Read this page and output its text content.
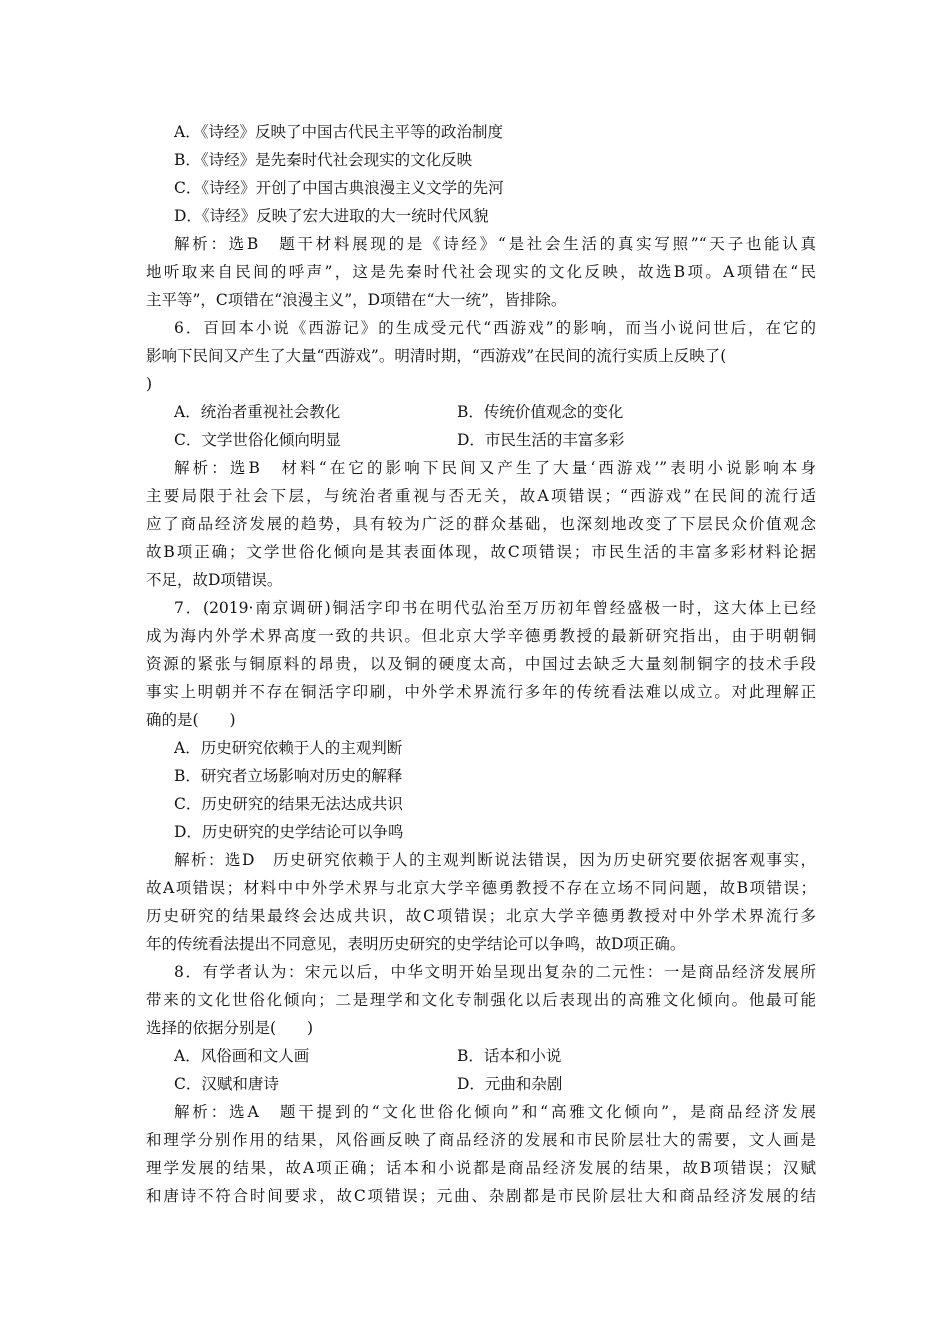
A．《诗经》反映了中国古代民主平等的政治制度
B．《诗经》是先秦时代社会现实的文化反映
C．《诗经》开创了中国古典浪漫主义文学的先河
D．《诗经》反映了宏大进取的大一统时代风貌
解析：选B　题干材料展现的是《诗经》“是社会生活的真实写照”“天子也能认真
地听取来自民间的呼声”，这是先秦时代社会现实的文化反映，故选B项。A项错在“民
主平等”，C项错在“浪漫主义”，D项错在“大一统”，皆排除。
6．百回本小说《西游记》的生成受元代“西游戏”的影响，而当小说问世后，在它的
影响下民间又产生了大量“西游戏”。明清时期，“西游戏”在民间的流行实质上反映了(
)
A．统治者重视社会教化	B．传统价值观念的变化
C．文学世俗化倾向明显	D．市民生活的丰富多彩
解析：选B　材料“在它的影响下民间又产生了大量‘西游戏’”表明小说影响本身
主要局限于社会下层，与统治者重视与否无关，故A项错误；“西游戏”在民间的流行适
应了商品经济发展的趋势，具有较为广泛的群众基础，也深刻地改变了下层民众价值观念
故B项正确；文学世俗化倾向是其表面体现，故C项错误；市民生活的丰富多彩材料论据
不足，故D项错误。
7．(2019·南京调研)铜活字印书在明代弘治至万历初年曾经盛极一时，这大体上已经
成为海内外学术界高度一致的共识。但北京大学辛德勇教授的最新研究指出，由于明朝铜
资源的紧张与铜原料的昂贵，以及铜的硬度太高，中国过去缺乏大量刻制铜字的技术手段
事实上明朝并不存在铜活字印刷，中外学术界流行多年的传统看法难以成立。对此理解正
确的是(　　)
A．历史研究依赖于人的主观判断
B．研究者立场影响对历史的解释
C．历史研究的结果无法达成共识
D．历史研究的史学结论可以争鸣
解析：选D　历史研究依赖于人的主观判断说法错误，因为历史研究要依据客观事实，
故A项错误；材料中中外学术界与北京大学辛德勇教授不存在立场不同问题，故B项错误；
历史研究的结果最终会达成共识，故C项错误；北京大学辛德勇教授对中外学术界流行多
年的传统看法提出不同意见，表明历史研究的史学结论可以争鸣，故D项正确。
8．有学者认为：宋元以后，中华文明开始呈现出复杂的二元性：一是商品经济发展所
带来的文化世俗化倾向；二是理学和文化专制强化以后表现出的高雅文化倾向。他最可能
选择的依据分别是(　　)
A．风俗画和文人画	B．话本和小说
C．汉赋和唐诗	D．元曲和杂剧
解析：选A　题干提到的“文化世俗化倾向”和“高雅文化倾向”，是商品经济发展
和理学分别作用的结果，风俗画反映了商品经济的发展和市民阶层壮大的需要，文人画是
理学发展的结果，故A项正确；话本和小说都是商品经济发展的结果，故B项错误；汉赋
和唐诗不符合时间要求，故C项错误；元曲、杂剧都是市民阶层壮大和商品经济发展的结
